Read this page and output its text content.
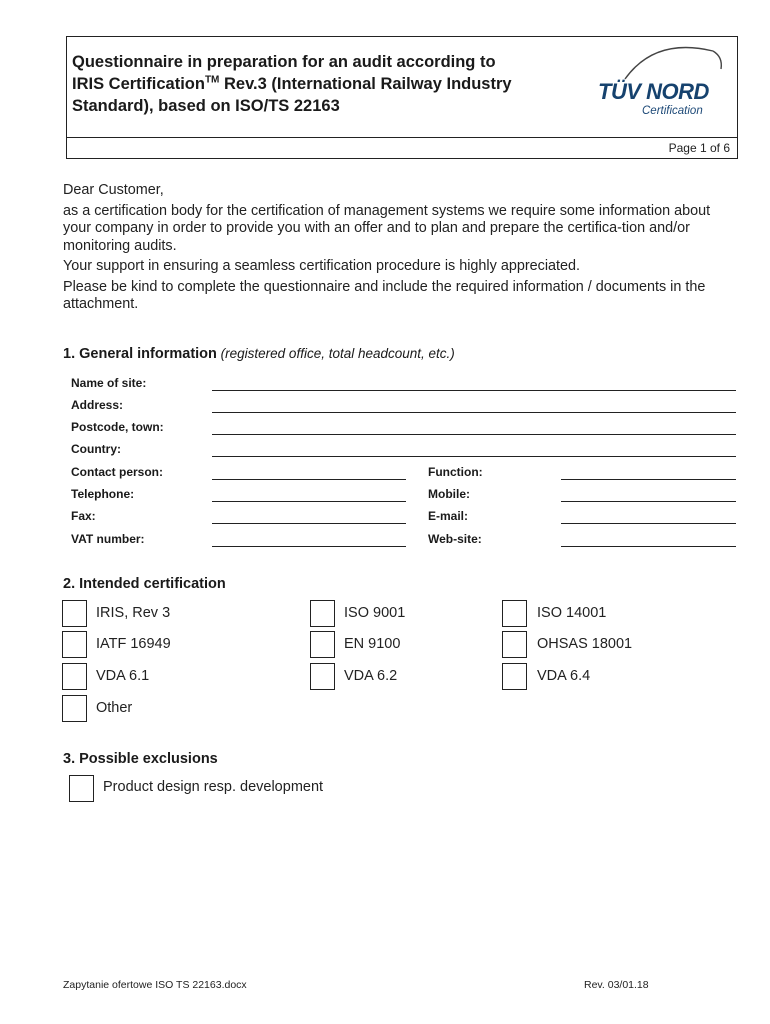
Questionnaire in preparation for an audit according to
IRIS Certification™ Rev.3 (International Railway Industry
Standard), based on ISO/TS 22163
TÜV NORD
Certification
Page 1 of 6

Dear Customer,

as a certification body for the certification of management systems we require some information about your company in order to provide you with an offer and to plan and prepare the certifica-tion and/or monitoring audits.

Your support in ensuring a seamless certification procedure is highly appreciated.

Please be kind to complete the questionnaire and include the required information / documents in the attachment.

1. General information (registered office, total headcount, etc.)
Name of site:
Address:
Postcode, town:
Country:
Contact person:	Function:
Telephone:	Mobile:
Fax:	E-mail:
VAT number:	Web-site:
2. Intended certification
IRIS, Rev 3	ISO 9001	ISO 14001
IATF 16949	EN 9100	OHSAS 18001
VDA 6.1	VDA 6.2	VDA 6.4
Other
3. Possible exclusions
Product design resp. development
Zapytanie ofertowe ISO TS 22163.docx	Rev. 03/01.18
